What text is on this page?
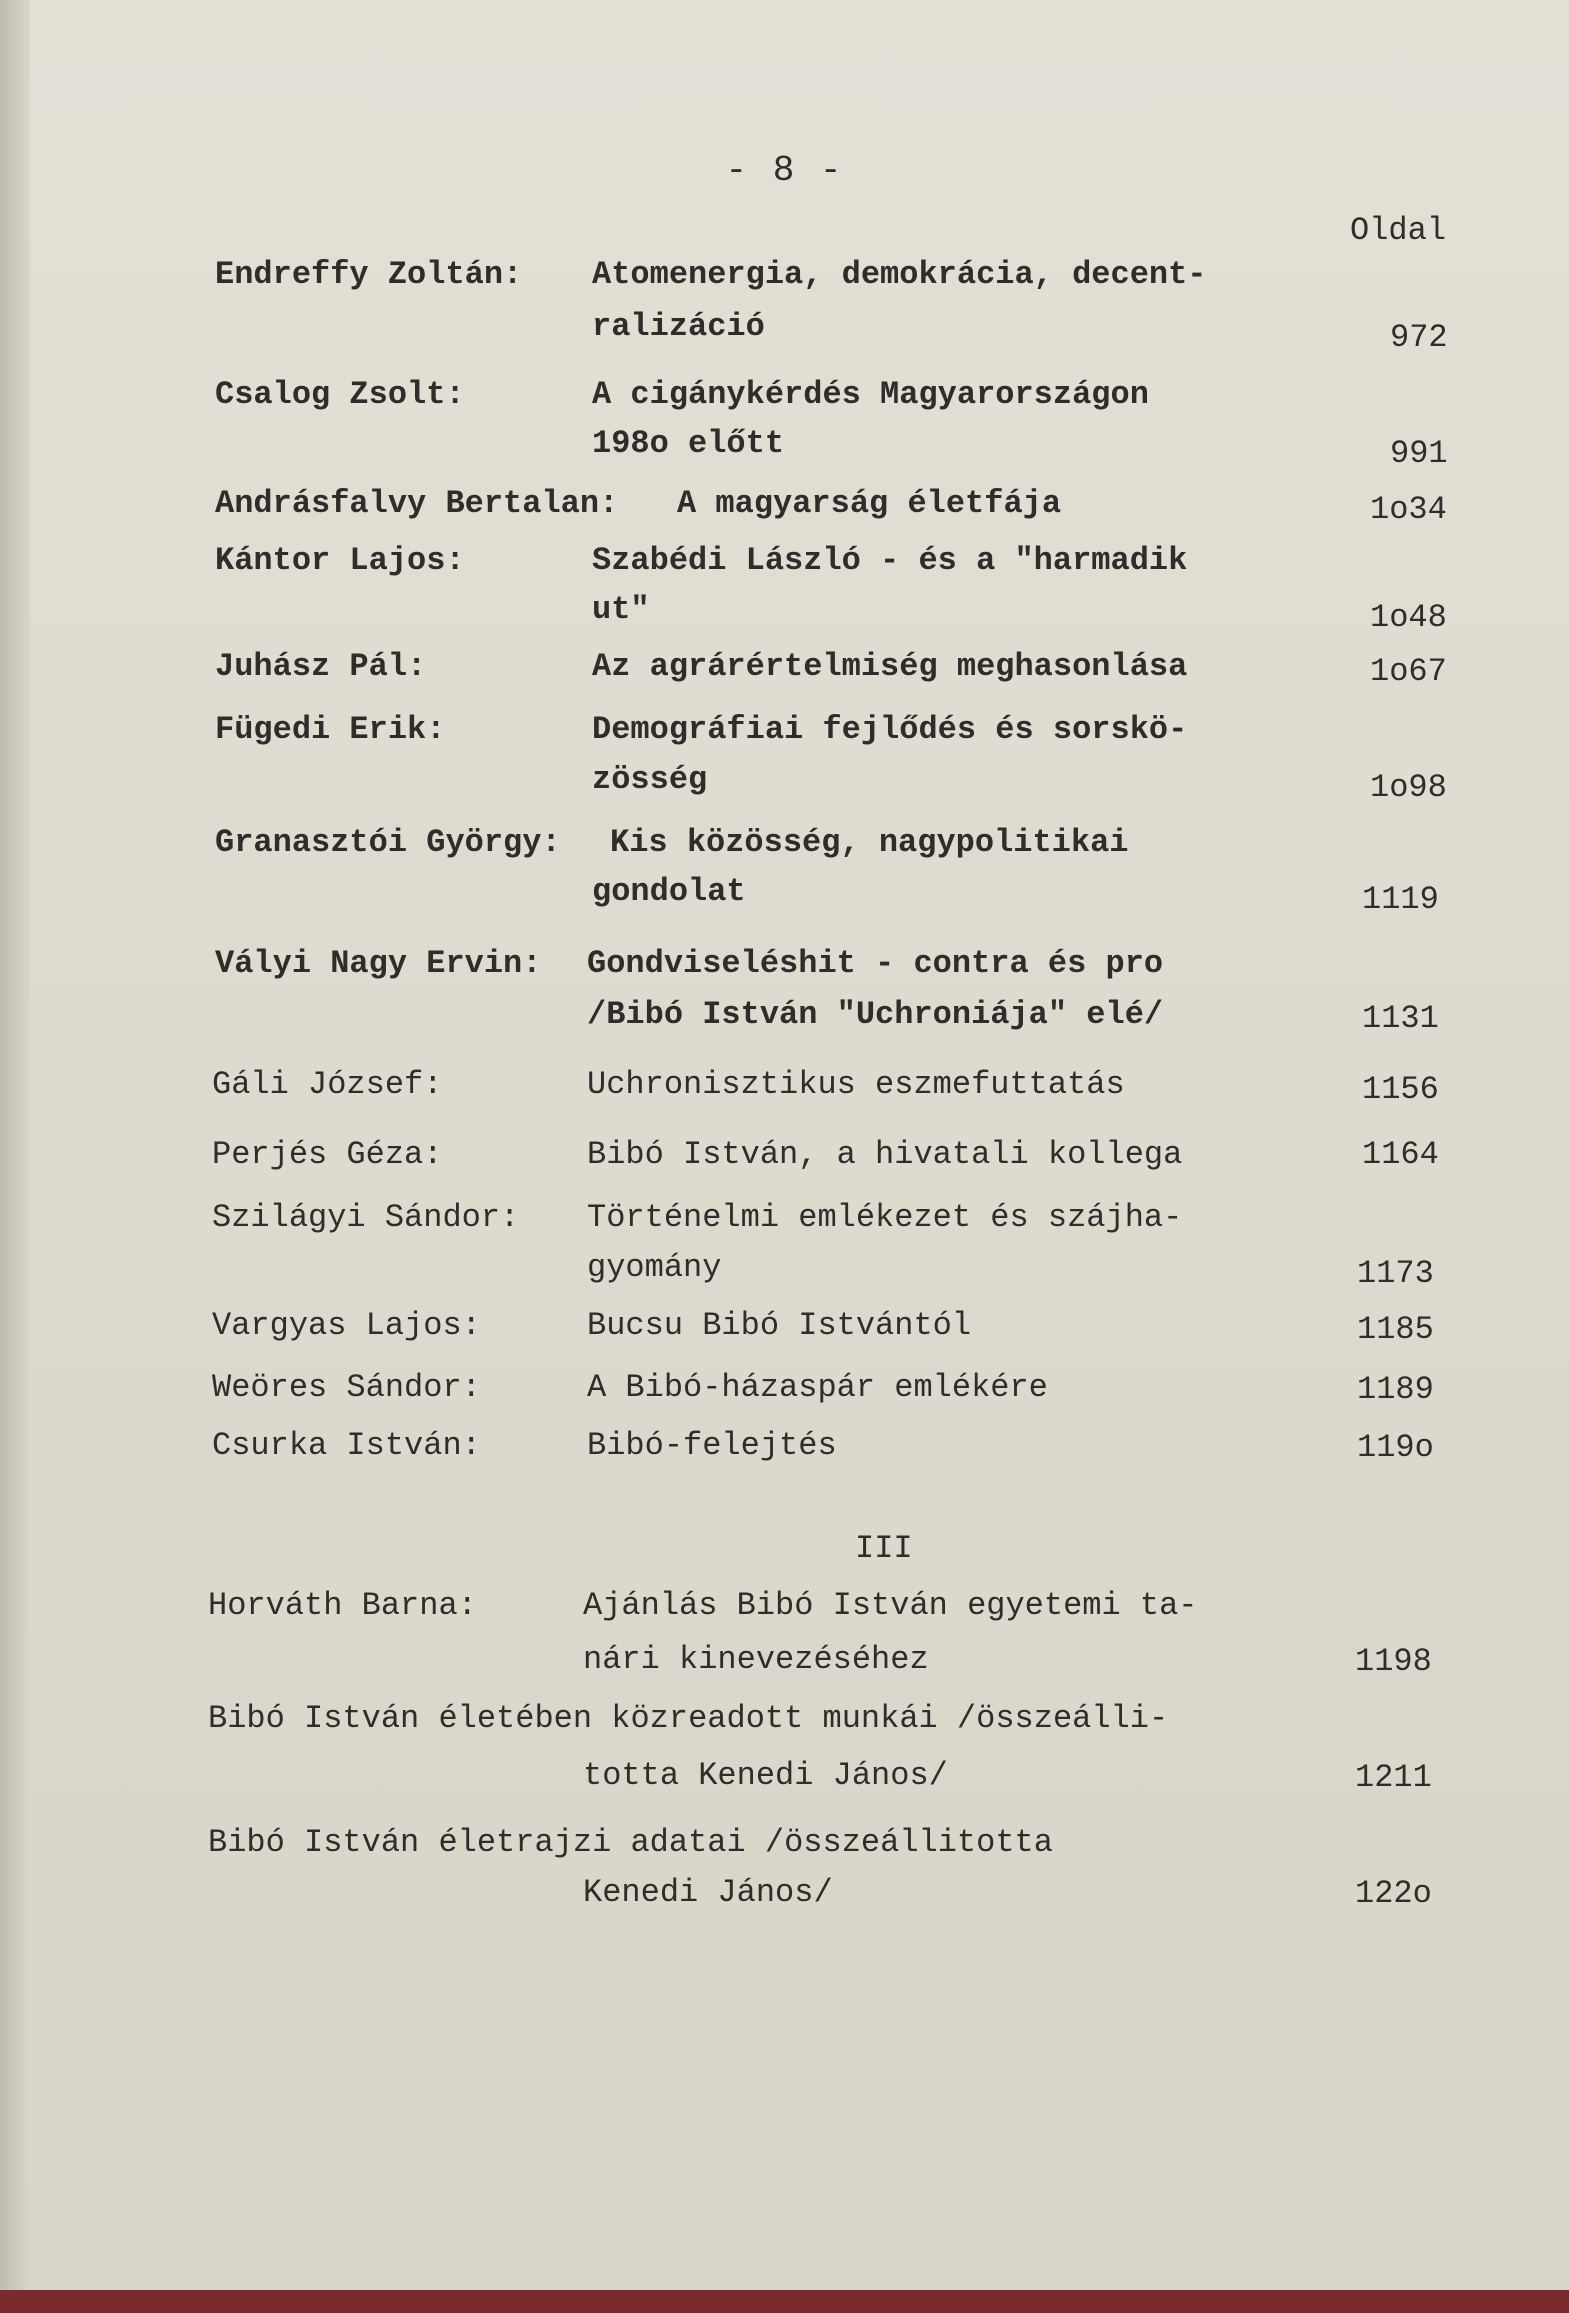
- 8 -
Oldal
Endreffy Zoltán: Atomenergia, demokrácia, decent-
ralizáció	972
Csalog Zsolt:	A cigánykérdés Magyarországon
198o előtt	991
Andrásfalvy Bertalan: A magyarság életfája	1o34
Kántor Lajos:	Szabédi László - és a "harmadik
ut"	1o48
Juhász Pál:	Az agrárértelmiség meghasonlása	1o67
Fügedi Erik:	Demográfiai fejlődés és sorskö-
zösség	1o98
Granasztói György: Kis közösség, nagypolitikai
gondolat	1119
Vályi Nagy Ervin: Gondviseléshit - contra és pro
/Bibó István "Uchroniája" elé/	1131
Gáli József:	Uchronisztikus eszmefuttatás	1156
Perjés Géza:	Bibó István, a hivatali kollega	1164
Szilágyi Sándor: Történelmi emlékezet és szájha-
gyomány	1173
Vargyas Lajos:	Bucsu Bibó Istvántól	1185
Weöres Sándor:	A Bibó-házaspár emlékére	1189
Csurka István:	Bibó-felejtés	119o
III
Horváth Barna:	Ajánlás Bibó István egyetemi ta-
nári kinevezéséhez	1198
Bibó István életében közreadott munkái /összeálli-
totta Kenedi János/	1211
Bibó István életrajzi adatai /összeállitotta
Kenedi János/	122o
